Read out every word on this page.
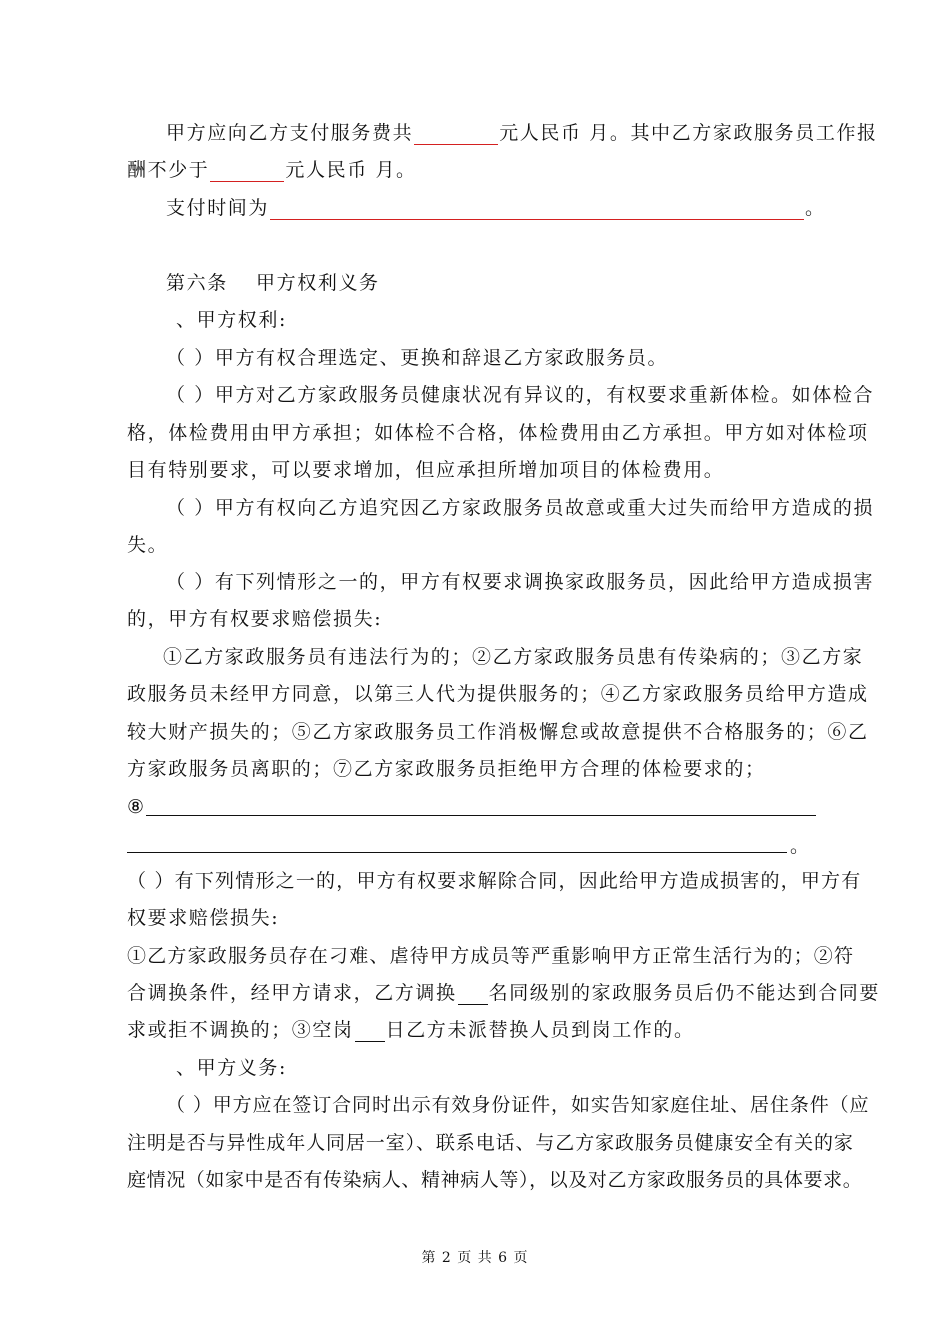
甲方应向乙方支付服务费共	元人民币 月。其中乙方家政服务员工作报
酬不少于	元人民币 月。
支付时间为	。
第六条　 甲方权利义务
、甲方权利:
（ ）甲方有权合理选定、更换和辞退乙方家政服务员。
（ ）甲方对乙方家政服务员健康状况有异议的，有权要求重新体检。如体检合
格，体检费用由甲方承担；如体检不合格，体检费用由乙方承担。甲方如对体检项
目有特别要求，可以要求增加，但应承担所增加项目的体检费用。
（ ）甲方有权向乙方追究因乙方家政服务员故意或重大过失而给甲方造成的损
失。
（ ）有下列情形之一的，甲方有权要求调换家政服务员，因此给甲方造成损害
的，甲方有权要求赔偿损失:
①乙方家政服务员有违法行为的；②乙方家政服务员患有传染病的；③乙方家
政服务员未经甲方同意，以第三人代为提供服务的；④乙方家政服务员给甲方造成
较大财产损失的；⑤乙方家政服务员工作消极懈怠或故意提供不合格服务的；⑥乙
方家政服务员离职的；⑦乙方家政服务员拒绝甲方合理的体检要求的；
⑧
。
（ ）有下列情形之一的，甲方有权要求解除合同，因此给甲方造成损害的，甲方有
权要求赔偿损失:
①乙方家政服务员存在刁难、虐待甲方成员等严重影响甲方正常生活行为的；②符
合调换条件，经甲方请求，乙方调换 名同级别的家政服务员后仍不能达到合同要
求或拒不调换的；③空岗 日乙方未派替换人员到岗工作的。
、甲方义务:
（ ）甲方应在签订合同时出示有效身份证件，如实告知家庭住址、居住条件（应
注明是否与异性成年人同居一室）、联系电话、与乙方家政服务员健康安全有关的家
庭情况（如家中是否有传染病人、精神病人等），以及对乙方家政服务员的具体要求。
第 2 页 共 6 页
